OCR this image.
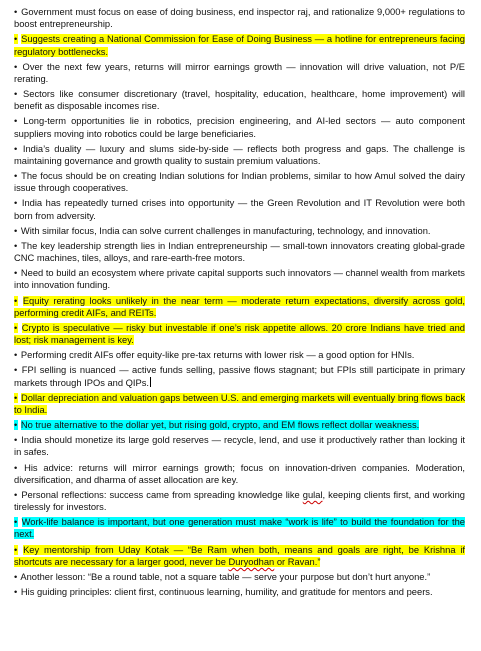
• Government must focus on ease of doing business, end inspector raj, and rationalize 9,000+ regulations to boost entrepreneurship.
• Suggests creating a National Commission for Ease of Doing Business — a hotline for entrepreneurs facing regulatory bottlenecks.
• Over the next few years, returns will mirror earnings growth — innovation will drive valuation, not P/E rerating.
• Sectors like consumer discretionary (travel, hospitality, education, healthcare, home improvement) will benefit as disposable incomes rise.
• Long-term opportunities lie in robotics, precision engineering, and AI-led sectors — auto component suppliers moving into robotics could be large beneficiaries.
• India’s duality — luxury and slums side-by-side — reflects both progress and gaps. The challenge is maintaining governance and growth quality to sustain premium valuations.
• The focus should be on creating Indian solutions for Indian problems, similar to how Amul solved the dairy issue through cooperatives.
• India has repeatedly turned crises into opportunity — the Green Revolution and IT Revolution were both born from adversity.
• With similar focus, India can solve current challenges in manufacturing, technology, and innovation.
• The key leadership strength lies in Indian entrepreneurship — small-town innovators creating global-grade CNC machines, tiles, alloys, and rare-earth-free motors.
• Need to build an ecosystem where private capital supports such innovators — channel wealth from markets into innovation funding.
• Equity rerating looks unlikely in the near term — moderate return expectations, diversify across gold, performing credit AIFs, and REITs.
• Crypto is speculative — risky but investable if one’s risk appetite allows. 20 crore Indians have tried and lost; risk management is key.
• Performing credit AIFs offer equity-like pre-tax returns with lower risk — a good option for HNIs.
• FPI selling is nuanced — active funds selling, passive flows stagnant; but FPIs still participate in primary markets through IPOs and QIPs.
• Dollar depreciation and valuation gaps between U.S. and emerging markets will eventually bring flows back to India.
• No true alternative to the dollar yet, but rising gold, crypto, and EM flows reflect dollar weakness.
• India should monetize its large gold reserves — recycle, lend, and use it productively rather than locking it in safes.
• His advice: returns will mirror earnings growth; focus on innovation-driven companies. Moderation, diversification, and dharma of asset allocation are key.
• Personal reflections: success came from spreading knowledge like gulal, keeping clients first, and working tirelessly for investors.
• Work-life balance is important, but one generation must make “work is life” to build the foundation for the next.
• Key mentorship from Uday Kotak — “Be Ram when both, means and goals are right, be Krishna if shortcuts are necessary for a larger good, never be Duryodhan or Ravan.”
• Another lesson: “Be a round table, not a square table — serve your purpose but don’t hurt anyone.”
• His guiding principles: client first, continuous learning, humility, and gratitude for mentors and peers.
